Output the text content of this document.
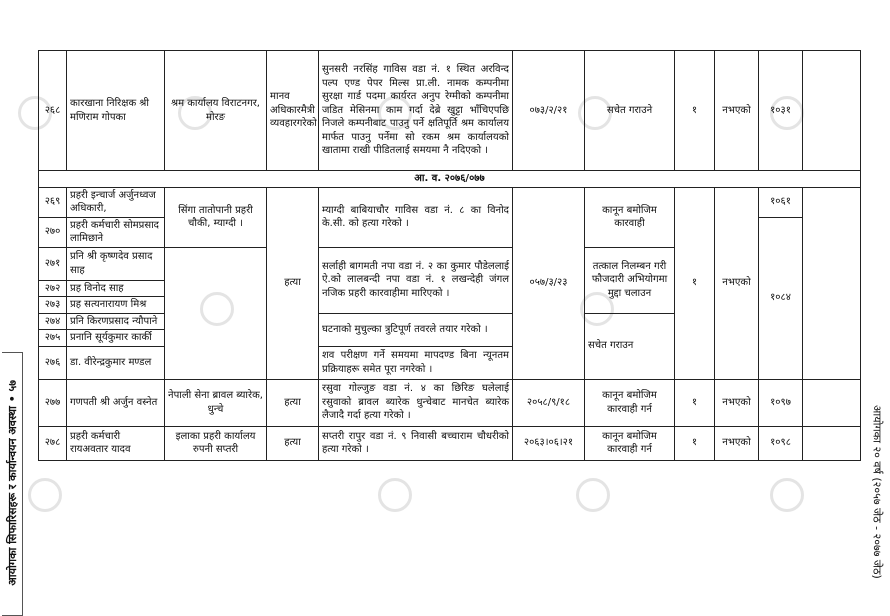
२६८	कारखाना निरिक्षक श्री मणिराम गोपका	श्रम कार्यालय विराटनगर, मोरङ	मानव अधिकारमैत्री व्यवहारगरेको	सुनसरी नरसिंह गाविस वडा नं. १ स्थित अरविन्द पल्प एण्ड पेपर मिल्स प्रा.ली. नामक कम्पनीमा सुरक्षा गार्ड पदमा कार्यरत अनुप रेग्मीको कम्पनीमा जडित मेसिनमा काम गर्दा देब्रे खुट्टा भाँचिएपछि निजले कम्पनीबाट पाउनु पर्ने क्षतिपूर्ति श्रम कार्यालय मार्फत पाउनु पर्नेमा सो रकम श्रम कार्यालयको खातामा राखी पीडितलाई समयमा नै नदिएको ।	०७३/२/२१	सचेत गराउने	१	नभएको	१०३१	
आ. व. २०७६/०७७										
२६९	प्रहरी इन्चार्ज अर्जुनध्वज अधिकारी,	सिंगा तातोपानी प्रहरी चौकी, म्याग्दी ।	हत्या	म्याग्दी बाबियाचौर गाविस वडा नं. ८ का विनोद के.सी. को हत्या गरेको ।	०५७/३/२३	कानून बमोजिम कारवाही	१	नभएको	१०६१	
२७०	प्रहरी कर्मचारी सोमप्रसाद लामिछाने								१०८४	
२७१	प्रनि श्री कृष्णदेव प्रसाद साह			सर्लाही बागमती नपा वडा नं. २ का कुमार पौडेललाई ऐ.को लालबन्दी नपा वडा नं. १ लखन्देही जंगल नजिक प्रहरी कारवाहीमा मारिएको ।		तत्काल निलम्बन गरी फौजदारी अभियोगमा मुद्दा चलाउन				
२७२	प्रह विनोद साह									
२७३	प्रह सत्यनारायण मिश्र									
२७४	प्रनि किरणप्रसाद न्यौपाने			घटनाको मुचुल्का त्रुटिपूर्ण तवरले तयार गरेको ।		सचेत गराउन				
२७५	प्रनानि सूर्यकुमार कार्की									
२७६	डा. वीरेन्द्रकुमार मण्डल			शव परीक्षण गर्ने समयमा मापदण्ड बिना न्यूनतम प्रक्रियाहरू समेत पूरा नगरेको ।						
२७७	गणपती श्री अर्जुन वस्नेत	नेपाली सेना ब्रावल ब्यारेक, धुन्चे	हत्या	रसुवा गोल्जुङ वडा नं. ४ का छिरिङ घलेलाई रसुवाको ब्रावल ब्यारेक धुन्चेबाट मानचेत ब्यारेक लैजादै गर्दा हत्या गरेको ।	२०५८/९/१८	कानून बमोजिम कारवाही गर्न	१	नभएको	१०९७	
२७८	प्रहरी कर्मचारी रायअवतार यादव	इलाका प्रहरी कार्यालय रुपनी सप्तरी	हत्या	सप्तरी रापुर वडा नं. ९ निवासी बच्चाराम चौधरीको हत्या गरेको ।	२०६३।०६।२१	कानून बमोजिम कारवाही गर्न	१	नभएको	१०९८	
आयोगका सिफारिसहरू र कार्यान्वयन अवस्था • ५७	आयोगका २० वर्ष (२०५७ जेठ - २०७७ जेठ)
